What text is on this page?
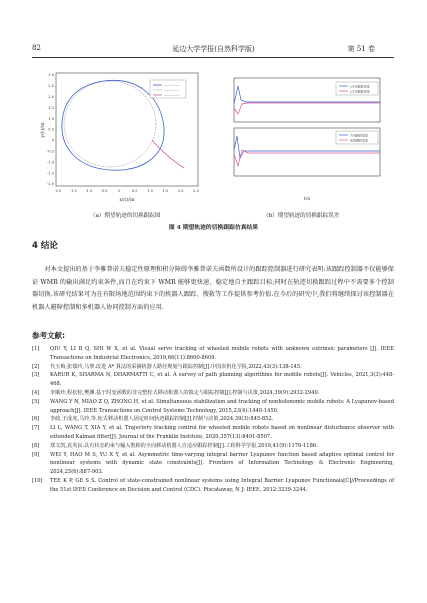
82	延边大学学报(自然科学版)	第 51 卷
3.0
2.5
2.0
1.5
1.0
0.5
0
-0.5
-1.0
-1.5
-2.0
-2.0 -1.5 -1.0 -0.5	0	0.5	1.0	1.5	2.0	2.5
——————
——————
——————
y(t)/m
x(t)/m
x方向跟踪误差
y方向跟踪误差
方向跟踪误差
角度跟踪误差
t/s
（a）期望轨迹的切换跟踪图	（b）期望轨迹的切换跟踪误差
图 4 期望轨迹的切换跟踪仿真结果
4 结论

对本文提出的基于李雅普诺夫稳定性原理和积分障碍李雅普诺夫函数所设计的跟踪控制器进行研究表明:该跟踪控制器不仅能够保证 WMR 的输出满足约束条件,而且在约束下 WMR 能够更快速、稳定地自主跟踪目标;同时在轨迹切换跟踪过程中不需要多个控制器切换.该研究结果可为在有限场地范围约束下的机器人跟踪、搜救等工作提供参考价值.在今后的研究中,我们将继续探讨该控制器在机器人避障控制和多机器人协同控制方面的应用.

参考文献:
[1]	QIU Y, LI B Q, SHI W X, et al. Visual servo tracking of wheeled mobile robots with unknown extrinsic parameters [J]. IEEE Transactions on Industrial Electronics, 2019,66(11):8600-8609.
[2]	代玉梅,张瑞玲,马黎.改进 A* 算法的采摘机器人路径规划与跟踪控制[J].中国农机化学报,2022,43(3):138-145.
[3]	KARUR K, SHARMA N, DHARMATTI C, et al. A survey of path planning algorithms for mobile robots[J]. Vehicles, 2021,3(3):448-468.
[4]	李顺珍,程松松,樊渊.基于时变函数的非完整轮式移动机器人的镇定与跟踪控制[J].控制与决策,2024,39(9):2932-2940.
[5]	WANG Y N, MIAO Z Q, ZHONG H, et al. Simultaneous stabilization and tracking of nonholonomic mobile robots: A Lyapunov-based approach[J]. IEEE Transactions on Control Systems Technology, 2015,23(4):1440-1450.
[6]	李政,王成虎,马玲,等.轮式移动机器人固定时间轨迹跟踪控制[J].控制与决策,2024,39(3):845-852.
[7]	LI L, WANG T, XIA Y, et al. Trajectory tracking control for wheeled mobile robots based on nonlinear disturbance observer with extended Kalman filter[J]. Journal of the Franklin Institute, 2020,357(13):8491-8507.
[8]	郑文凯,袁英民.具有状态约束与输入饱和的全向移动机器人自适应跟踪控制[J].工程科学学报,2019,41(9):1176-1186.
[9]	WEI Y, HAO M S, YU X Y, et al. Asymmetric time-varying integral barrier Lyapunov function based adaptive optimal control for nonlinear systems with dynamic state constraints[J]. Frontiers of Information Technology & Electronic Engineering, 2024,25(6):887-903.
[10]	TEE K P, GE S S. Control of state-constrained nonlinear systems using Integral Barrier Lyapunov Functionals[C]//Proceedings of the 51st IEEE Conference on Decision and Control (CDC). Piscataway, N J: IEEE, 2012:3239-3244.
